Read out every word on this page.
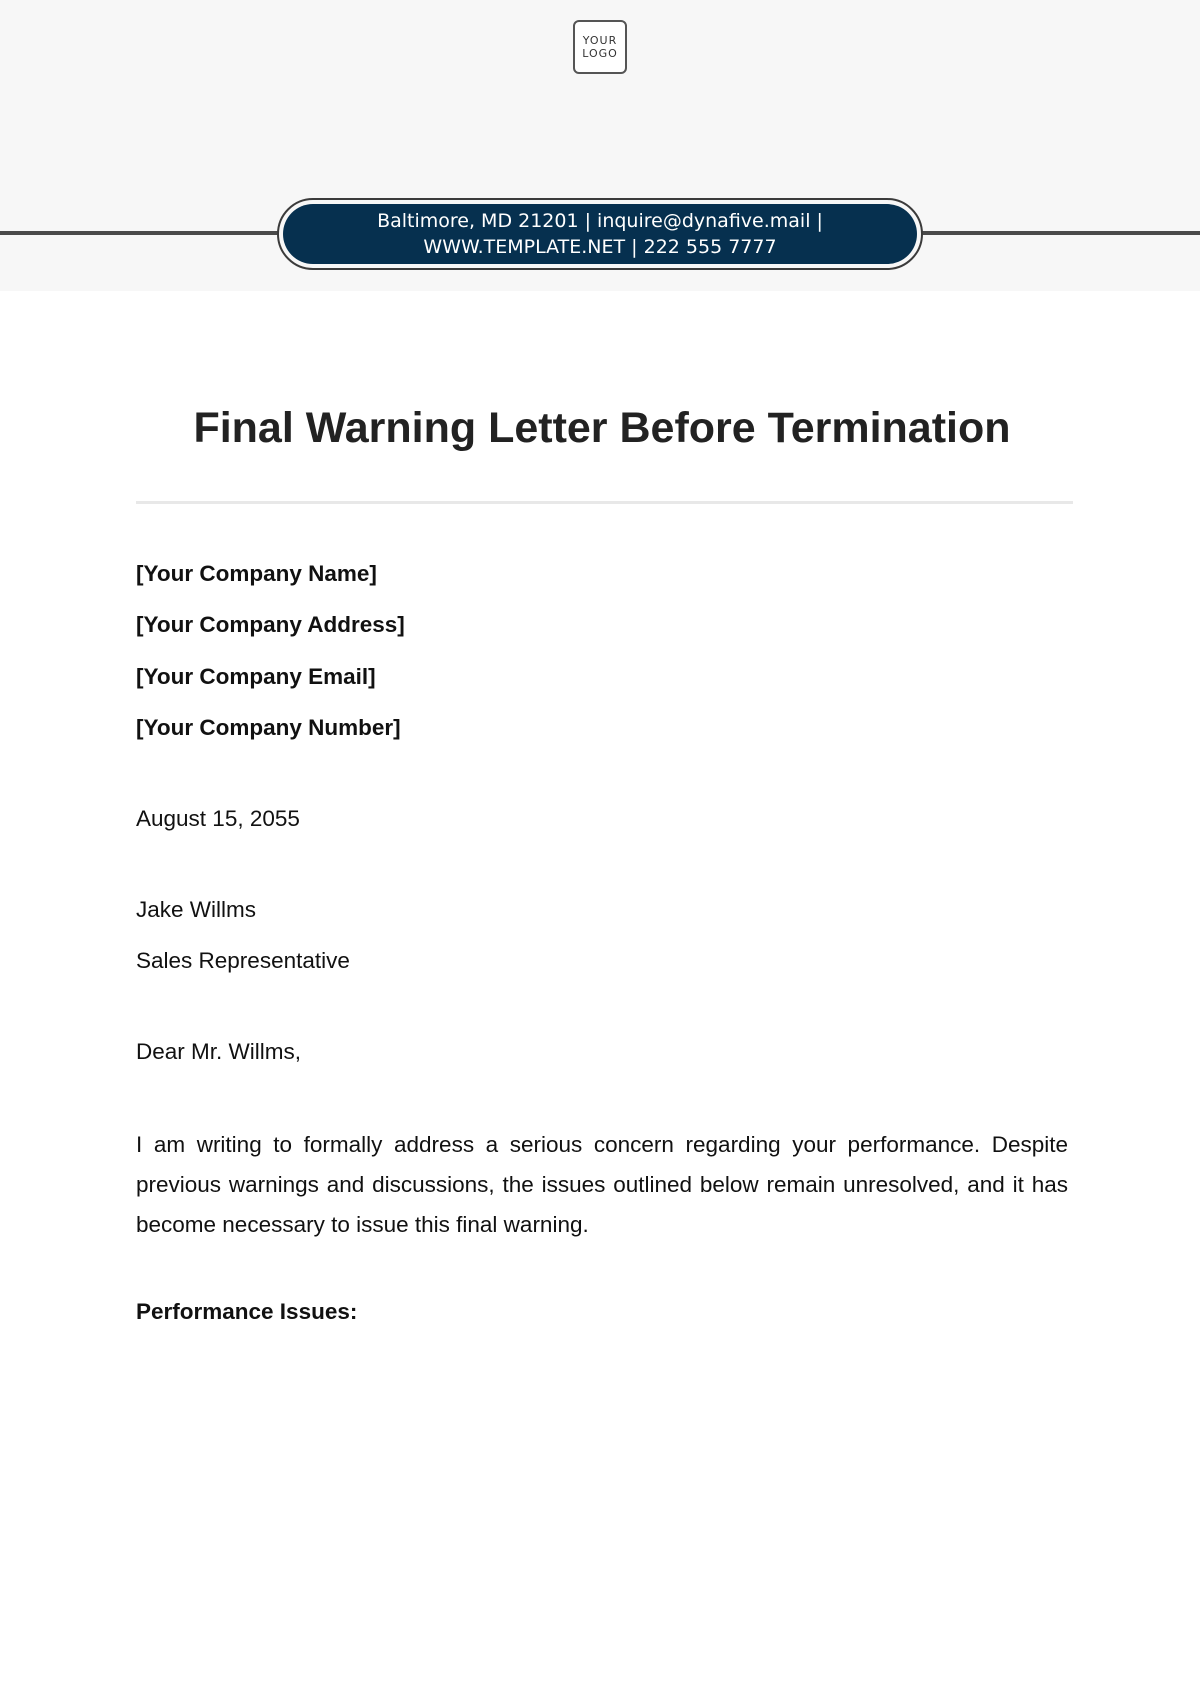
YOUR
LOGO
Baltimore, MD 21201 | inquire@dynafive.mail |
WWW.TEMPLATE.NET | 222 555 7777
Final Warning Letter Before Termination
[Your Company Name]
[Your Company Address]
[Your Company Email]
[Your Company Number]
August 15, 2055
Jake Willms
Sales Representative
Dear Mr. Willms,

I am writing to formally address a serious concern regarding your performance. Despite previous warnings and discussions, the issues outlined below remain unresolved, and it has become necessary to issue this final warning.

Performance Issues:
